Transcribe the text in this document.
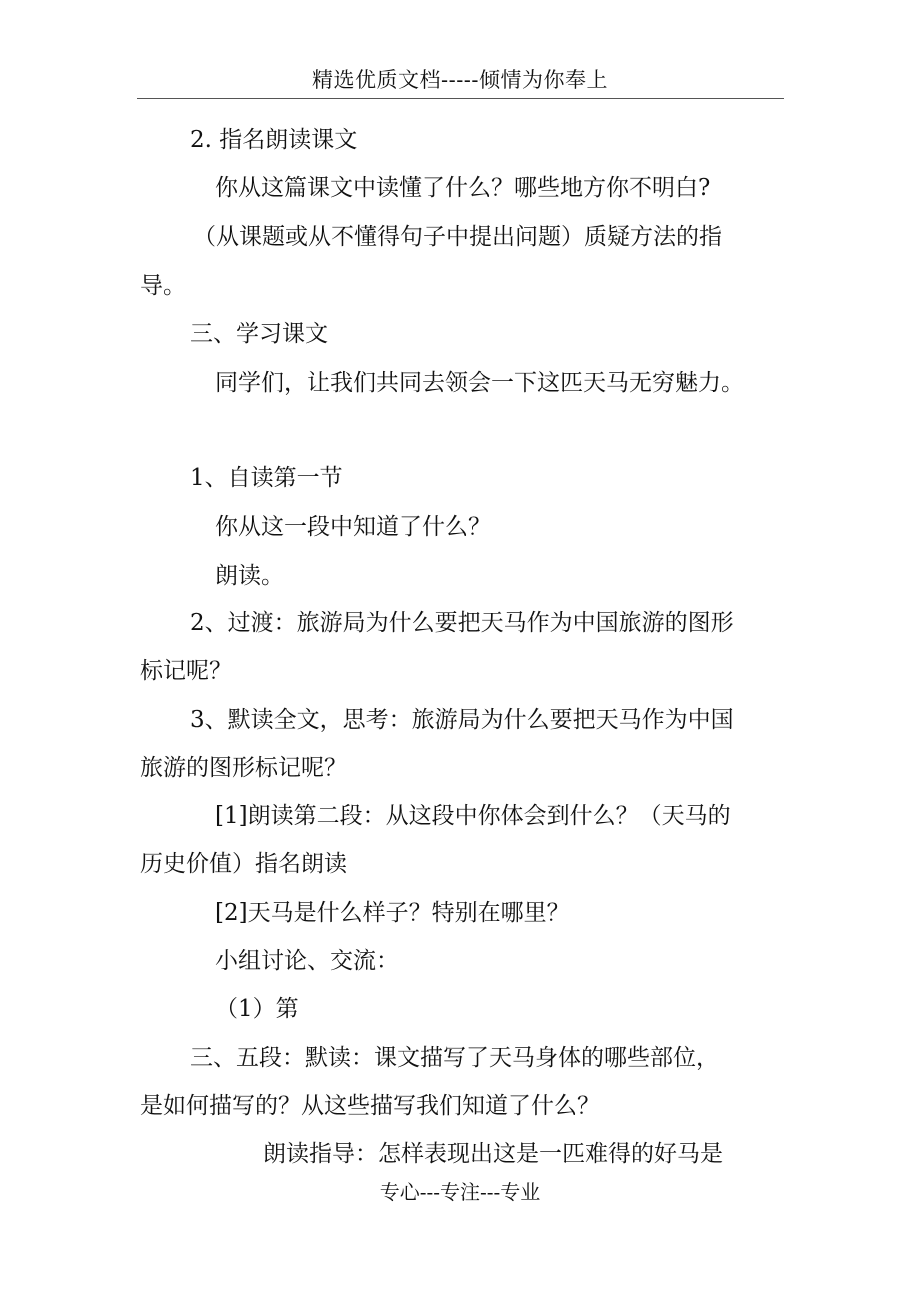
精选优质文档-----倾情为你奉上
2. 指名朗读课文
你从这篇课文中读懂了什么？哪些地方你不明白?
（从课题或从不懂得句子中提出问题）质疑方法的指
导。
三、学习课文
同学们，让我们共同去领会一下这匹天马无穷魅力。
1、自读第一节
你从这一段中知道了什么？
朗读。
2、过渡：旅游局为什么要把天马作为中国旅游的图形
标记呢？
3、默读全文，思考：旅游局为什么要把天马作为中国
旅游的图形标记呢？
[1]朗读第二段：从这段中你体会到什么？（天马的
历史价值）指名朗读
[2]天马是什么样子？特别在哪里？
小组讨论、交流：
（1）第
三、五段：默读：课文描写了天马身体的哪些部位，
是如何描写的？从这些描写我们知道了什么？
朗读指导：怎样表现出这是一匹难得的好马是
专心---专注---专业
